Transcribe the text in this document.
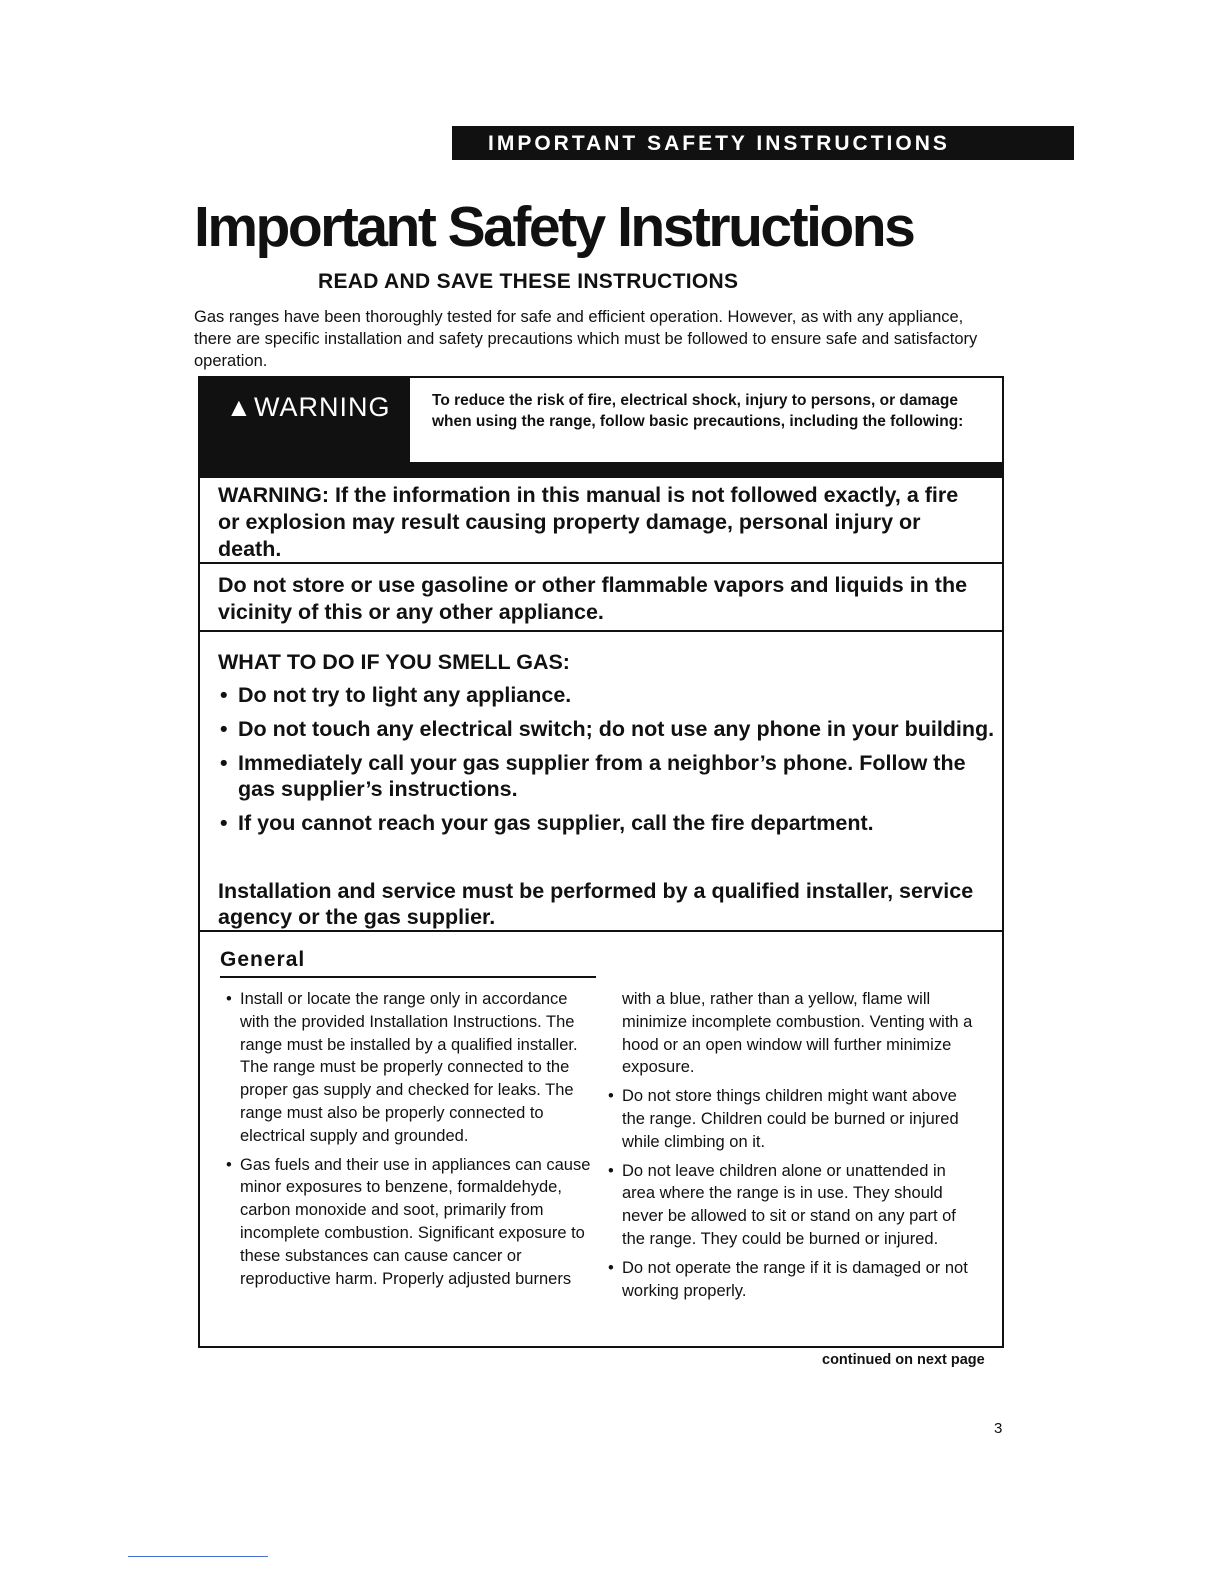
IMPORTANT SAFETY INSTRUCTIONS
Important Safety Instructions
READ AND SAVE THESE INSTRUCTIONS

Gas ranges have been thoroughly tested for safe and efficient operation. However, as with any appliance, there are specific installation and safety precautions which must be followed to ensure safe and satisfactory operation.

▲ WARNING	To reduce the risk of fire, electrical shock, injury to persons, or damage when using the range, follow basic precautions, including the following:

WARNING: If the information in this manual is not followed exactly, a fire or explosion may result causing property damage, personal injury or death.

Do not store or use gasoline or other flammable vapors and liquids in the vicinity of this or any other appliance.

WHAT TO DO IF YOU SMELL GAS:

• Do not try to light any appliance.
• Do not touch any electrical switch; do not use any phone in your building.
• Immediately call your gas supplier from a neighbor’s phone. Follow the gas supplier’s instructions.
• If you cannot reach your gas supplier, call the fire department.

Installation and service must be performed by a qualified installer, service agency or the gas supplier.

General
• Install or locate the range only in accordance with the provided Installation Instructions. The range must be installed by a qualified installer. The range must be properly connected to the proper gas supply and checked for leaks. The range must also be properly connected to electrical supply and grounded.
• Gas fuels and their use in appliances can cause minor exposures to benzene, formaldehyde, carbon monoxide and soot, primarily from incomplete combustion. Significant exposure to these substances can cause cancer or reproductive harm. Properly adjusted burners
with a blue, rather than a yellow, flame will minimize incomplete combustion. Venting with a hood or an open window will further minimize exposure.
• Do not store things children might want above the range. Children could be burned or injured while climbing on it.
• Do not leave children alone or unattended in area where the range is in use. They should never be allowed to sit or stand on any part of the range. They could be burned or injured.
• Do not operate the range if it is damaged or not working properly.

continued on next page

3
